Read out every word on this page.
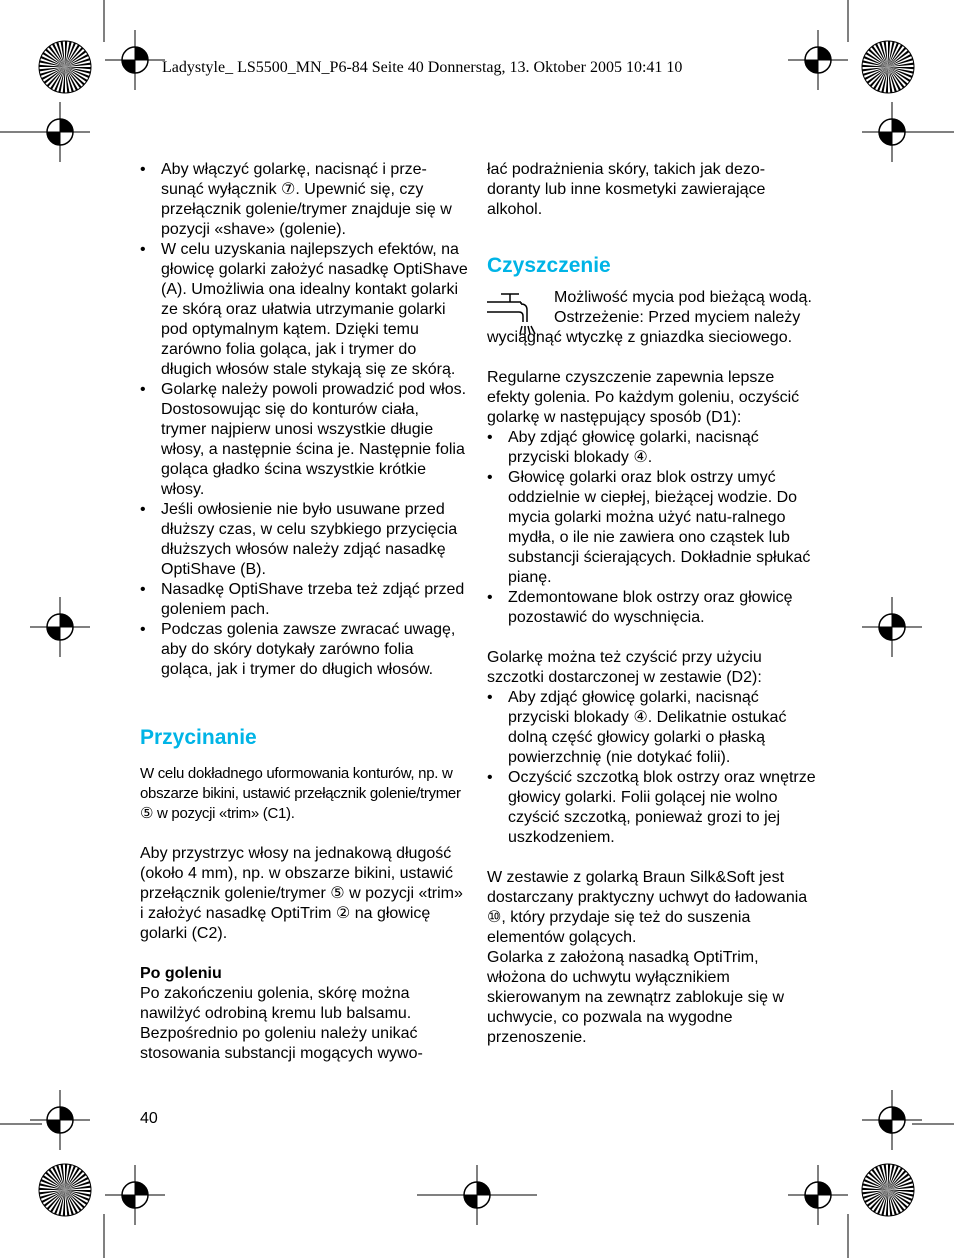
Ladystyle_ LS5500_MN_P6-84 Seite 40 Donnerstag, 13. Oktober 2005 10:41 10
• Aby włączyć golarkę, nacisnąć i prze-sunąć wyłącznik ⑦. Upewnić się, czy przełącznik golenie/trymer znajduje się w pozycji «shave» (golenie).
• W celu uzyskania najlepszych efektów, na głowicę golarki założyć nasadkę OptiShave (A). Umożliwia ona idealny kontakt golarki ze skórą oraz ułatwia utrzymanie golarki pod optymalnym kątem. Dzięki temu zarówno folia goląca, jak i trymer do długich włosów stale stykają się ze skórą.
• Golarkę należy powoli prowadzić pod włos. Dostosowując się do konturów ciała, trymer najpierw unosi wszystkie długie włosy, a następnie ścina je. Następnie folia goląca gładko ścina wszystkie krótkie włosy.
• Jeśli owłosienie nie było usuwane przed dłuższy czas, w celu szybkiego przycięcia dłuższych włosów należy zdjąć nasadkę OptiShave (B).
• Nasadkę OptiShave trzeba też zdjąć przed goleniem pach.
• Podczas golenia zawsze zwracać uwagę, aby do skóry dotykały zarówno folia goląca, jak i trymer do długich włosów.
Przycinanie

W celu dokładnego uformowania konturów, np. w obszarze bikini, ustawić przełącznik golenie/trymer ⑤ w pozycji «trim» (C1).

Aby przystrzyc włosy na jednakową długość (około 4 mm), np. w obszarze bikini, ustawić przełącznik golenie/trymer ⑤ w pozycji «trim» i założyć nasadkę OptiTrim ② na głowicę golarki (C2).

Po goleniu

Po zakończeniu golenia, skórę można nawilżyć odrobiną kremu lub balsamu. Bezpośrednio po goleniu należy unikać stosowania substancji mogących wywo-

40

łać podrażnienia skóry, takich jak dezo-doranty lub inne kosmetyki zawierające alkohol.

Czyszczenie

Możliwość mycia pod bieżącą wodą.

Ostrzeżenie: Przed myciem należy wyciągnąć wtyczkę z gniazdka sieciowego.

Regularne czyszczenie zapewnia lepsze efekty golenia. Po każdym goleniu, oczyścić golarkę w następujący sposób (D1):

• Aby zdjąć głowicę golarki, nacisnąć przyciski blokady ④.
• Głowicę golarki oraz blok ostrzy umyć oddzielnie w ciepłej, bieżącej wodzie. Do mycia golarki można użyć natu-ralnego mydła, o ile nie zawiera ono cząstek lub substancji ścierających. Dokładnie spłukać pianę.
• Zdemontowane blok ostrzy oraz głowicę pozostawić do wyschnięcia.

Golarkę można też czyścić przy użyciu szczotki dostarczonej w zestawie (D2):

• Aby zdjąć głowicę golarki, nacisnąć przyciski blokady ④. Delikatnie ostukać dolną część głowicy golarki o płaską powierzchnię (nie dotykać folii).
• Oczyścić szczotką blok ostrzy oraz wnętrze głowicy golarki. Folii golącej nie wolno czyścić szczotką, ponieważ grozi to jej uszkodzeniem.

W zestawie z golarką Braun Silk&Soft jest dostarczany praktyczny uchwyt do ładowania ⑩, który przydaje się też do suszenia elementów golących.

Golarka z założoną nasadką OptiTrim, włożona do uchwytu wyłącznikiem skierowanym na zewnątrz zablokuje się w uchwycie, co pozwala na wygodne przenoszenie.
